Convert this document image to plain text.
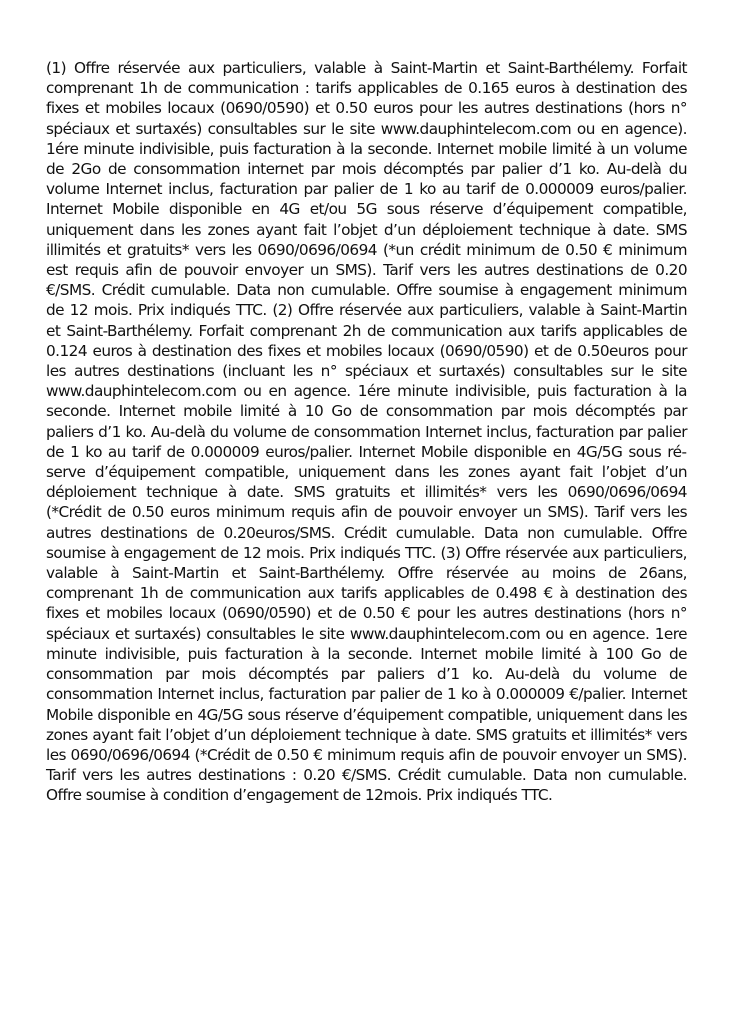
(1) Offre réservée aux particuliers, valable à Saint-Martin et Saint-Barthélemy. Forfait comprenant 1h de communication : tarifs applicables de 0.165 euros à destination des fixes et mobiles locaux (0690/0590) et 0.50 euros pour les autres destinations (hors n° spéciaux et surtaxés) consultables sur le site www.dauphintelecom.com ou en agence). 1ére minute indivisible, puis facturation à la seconde. Internet mobile limité à un volume de 2Go de consommation internet par mois décomptés par palier d’1 ko. Au-delà du volume Internet inclus, facturation par palier de 1 ko au tarif de 0.000009 euros/palier. Internet Mobile disponible en 4G et/ou 5G sous réserve d’équipement compatible, uniquement dans les zones ayant fait l’objet d’un déploiement technique à date. SMS illimités et gratuits* vers les 0690/0696/0694 (*un crédit minimum de 0.50 € minimum est requis afin de pouvoir envoyer un SMS). Tarif vers les autres destinations de 0.20 €/SMS. Crédit cumulable. Data non cumulable. Offre soumise à engagement minimum de 12 mois. Prix indiqués TTC. (2) Offre réservée aux particuliers, valable à Saint-Martin et Saint-Barthélemy. Forfait comprenant 2h de communication aux tarifs applicables de 0.124 euros à destination des fixes et mobiles locaux (0690/0590) et de 0.50euros pour les autres destinations (incluant les n° spéciaux et surtaxés) consultables sur le site www.dauphintelecom.com ou en agence. 1ére minute indivisible, puis facturation à la seconde. Internet mobile limité à 10 Go de consommation par mois décomptés par paliers d’1 ko. Au-delà du volume de consommation Internet inclus, facturation par palier de 1 ko au tarif de 0.000009 euros/palier. Internet Mobile disponible en 4G/5G sous réserve d’équipement compatible, uniquement dans les zones ayant fait l’objet d’un déploiement technique à date. SMS gratuits et illimités* vers les 0690/0696/0694 (*Crédit de 0.50 euros minimum requis afin de pouvoir envoyer un SMS). Tarif vers les autres destinations de 0.20euros/SMS. Crédit cumulable. Data non cumulable. Offre soumise à engagement de 12 mois. Prix indiqués TTC. (3) Offre réservée aux particuliers, valable à Saint-Martin et Saint-Barthélemy. Offre réservée au moins de 26ans, comprenant 1h de communication aux tarifs applicables de 0.498 € à destination des fixes et mobiles locaux (0690/0590) et de 0.50 € pour les autres destinations (hors n° spéciaux et surtaxés) consultables le site www.dauphintelecom.com ou en agence. 1ere minute indivisible, puis facturation à la seconde. Internet mobile limité à 100 Go de consommation par mois décomptés par paliers d’1 ko. Au-delà du volume de consommation Internet inclus, facturation par palier de 1 ko à 0.000009 €/palier. Internet Mobile disponible en 4G/5G sous réserve d’équipement compatible, uniquement dans les zones ayant fait l’objet d’un déploiement technique à date. SMS gratuits et illimités* vers les 0690/0696/0694 (*Crédit de 0.50 € minimum requis afin de pouvoir envoyer un SMS). Tarif vers les autres destinations : 0.20 €/SMS. Crédit cumulable. Data non cumulable. Offre soumise à condition d’engagement de 12mois. Prix indiqués TTC.
